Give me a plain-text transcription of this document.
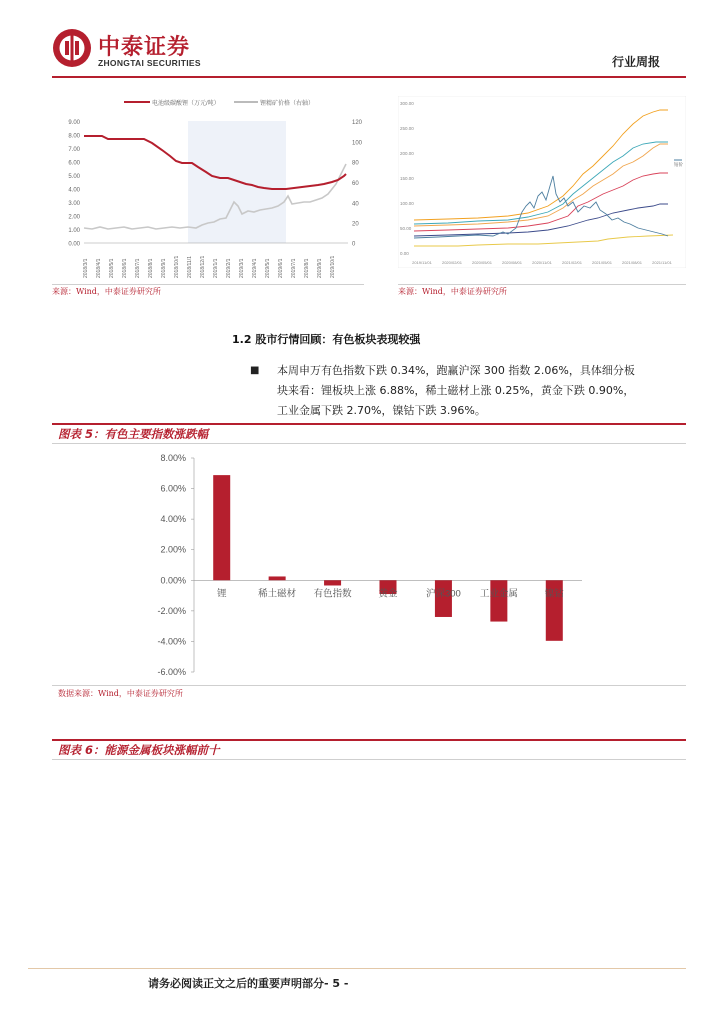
中泰证券
ZHONGTAI SECURITIES	行业周报
电池级碳酸锂（万元/吨）	锂精矿价格（右轴）
9.00
8.00
7.00
6.00
5.00
4.00
3.00
2.00
1.00
0.00
120
100
80
60
40
20
0
2018/3/1 2018/4/1 2018/5/1 2018/6/1 2018/7/1 2018/8/1 2018/9/1 2018/10/1 2018/11/1 2018/12/1 2019/1/1 2019/2/1 2019/3/1 2019/4/1 2019/5/1 2019/6/1 2019/7/1 2019/8/1 2019/9/1 2019/10/1
来源：Wind，中泰证券研究所
300.00
250.00
200.00
150.00
100.00
50.00
0.00
钴价
2019/11/01	2020/02/01 2020/05/01 2020/08/01	2020/11/01	2021/02/01 2021/05/01 2021/08/01	2021/11/01
来源：Wind，中泰证券研究所
1.2 股市行情回顾：有色板块表现较强
■ 本周申万有色指数下跌 0.34%，跑赢沪深 300 指数 2.06%，具体细分板
块来看：锂板块上涨 6.88%，稀土磁材上涨 0.25%，黄金下跌 0.90%，
工业金属下跌 2.70%，镍钴下跌 3.96%。
图表 5：有色主要指数涨跌幅
8.00%
6.00%
4.00%
2.00%
0.00%
-2.00%
-4.00%
-6.00%
锂	稀土磁材 有色指数	黄金	沪深300 工业金属	镍钴
数据来源：Wind，中泰证券研究所
图表 6：能源金属板块涨幅前十
请务必阅读正文之后的重要声明部分- 5 -
